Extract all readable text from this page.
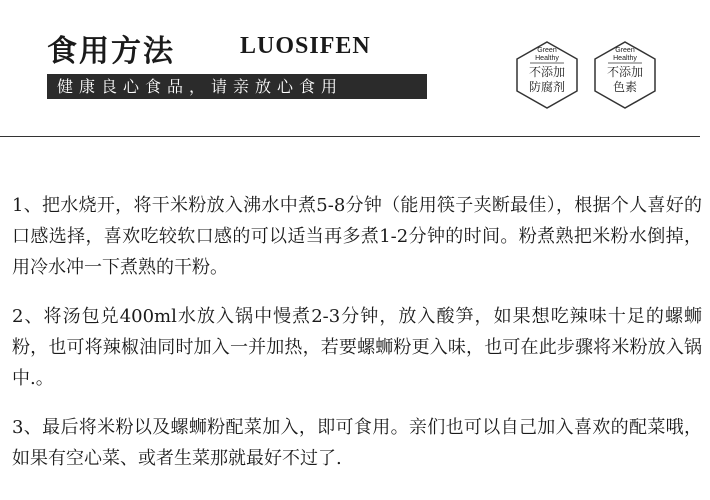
食用方法	LUOSIFEN
健康良心食品，请亲放心食用
Green
Healthy
不添加
防腐剂
Green
Healthy
不添加
色素

1、把水烧开，将干米粉放入沸水中煮5-8分钟（能用筷子夹断最佳），根据个人喜好的口感选择，喜欢吃较软口感的可以适当再多煮1-2分钟的时间。粉煮熟把米粉水倒掉，用冷水冲一下煮熟的干粉。

2、将汤包兑400ml水放入锅中慢煮2-3分钟，放入酸笋，如果想吃辣味十足的螺蛳粉，也可将辣椒油同时加入一并加热，若要螺蛳粉更入味，也可在此步骤将米粉放入锅中.。

3、最后将米粉以及螺蛳粉配菜加入，即可食用。亲们也可以自己加入喜欢的配菜哦，如果有空心菜、或者生菜那就最好不过了.
